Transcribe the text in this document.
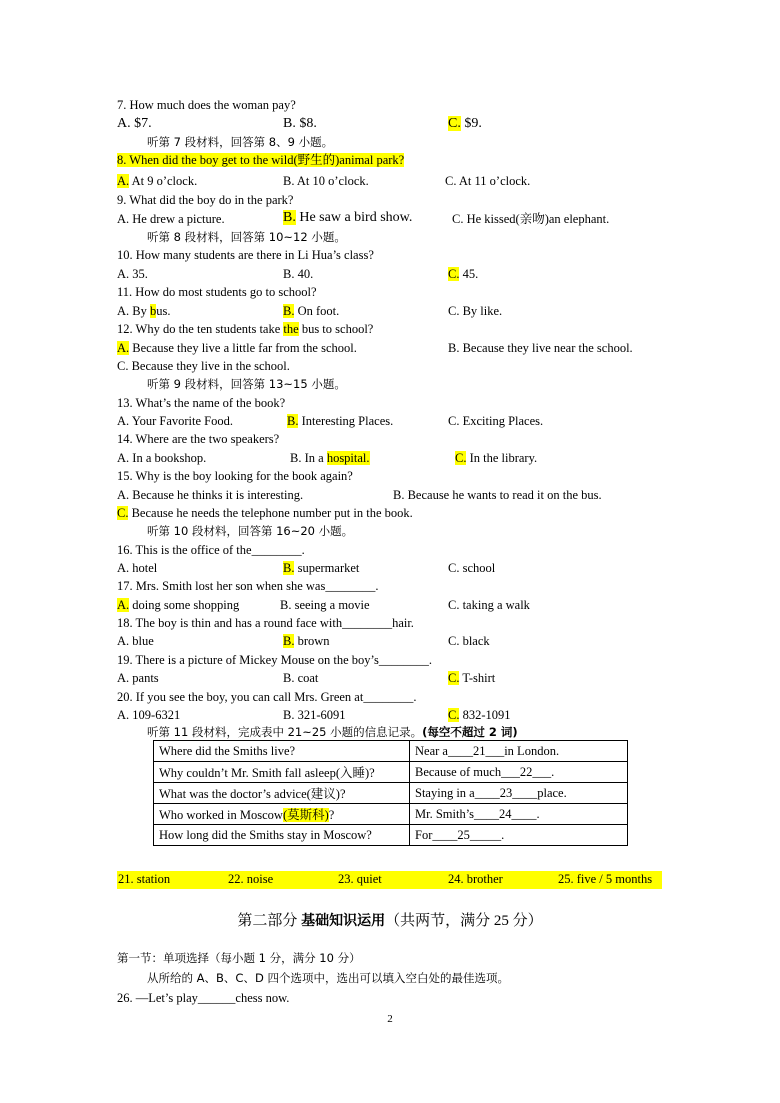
7. How much does the woman pay?
A. $7.	B. $8.	C. $9.
听第 7 段材料，回答第 8、9 小题。
8. When did the boy get to the wild(野生的)animal park?
A. At 9 o’clock.	B. At 10 o’clock.	C. At 11 o’clock.
9. What did the boy do in the park?
A. He drew a picture.	B. He saw a bird show.	C. He kissed(亲吻)an elephant.
听第 8 段材料，回答第 10~12 小题。
10. How many students are there in Li Hua’s class?
A. 35.	B. 40.	C. 45.
11. How do most students go to school?
A. By bus.	B. On foot.	C. By like.
12. Why do the ten students take the bus to school?
A. Because they live a little far from the school.	B. Because they live near the school.
C. Because they live in the school.
听第 9 段材料，回答第 13~15 小题。
13. What’s the name of the book?
A. Your Favorite Food.	B. Interesting Places.	C. Exciting Places.
14. Where are the two speakers?
A. In a bookshop.	B. In a hospital.	C. In the library.
15. Why is the boy looking for the book again?
A. Because he thinks it is interesting.	B. Because he wants to read it on the bus.
C. Because he needs the telephone number put in the book.
听第 10 段材料，回答第 16~20 小题。
16. This is the office of the________.
A. hotel	B. supermarket	C. school
17. Mrs. Smith lost her son when she was________.
A. doing some shopping	B. seeing a movie	C. taking a walk
18. The boy is thin and has a round face with________hair.
A. blue	B. brown	C. black
19. There is a picture of Mickey Mouse on the boy’s________.
A. pants	B. coat	C. T-shirt
20. If you see the boy, you can call Mrs. Green at________.
A. 109-6321	B. 321-6091	C. 832-1091
听第 11 段材料，完成表中 21~25 小题的信息记录。(每空不超过 2 词)
Where did the Smiths live?	Near a____21___in London.
Why couldn’t Mr. Smith fall asleep(入睡)?	Because of much___22___.
What was the doctor’s advice(建议)?	Staying in a____23____place.
Who worked in Moscow(莫斯科)?	Mr. Smith’s____24____.
How long did the Smiths stay in Moscow?	For____25_____.
21. station	22. noise	23. quiet	24. brother	25. five / 5 months
第二部分 基础知识运用（共两节，满分 25 分）
第一节：单项选择（每小题 1 分，满分 10 分）
从所给的 A、B、C、D 四个选项中，选出可以填入空白处的最佳选项。
26. —Let’s play______chess now.
2
